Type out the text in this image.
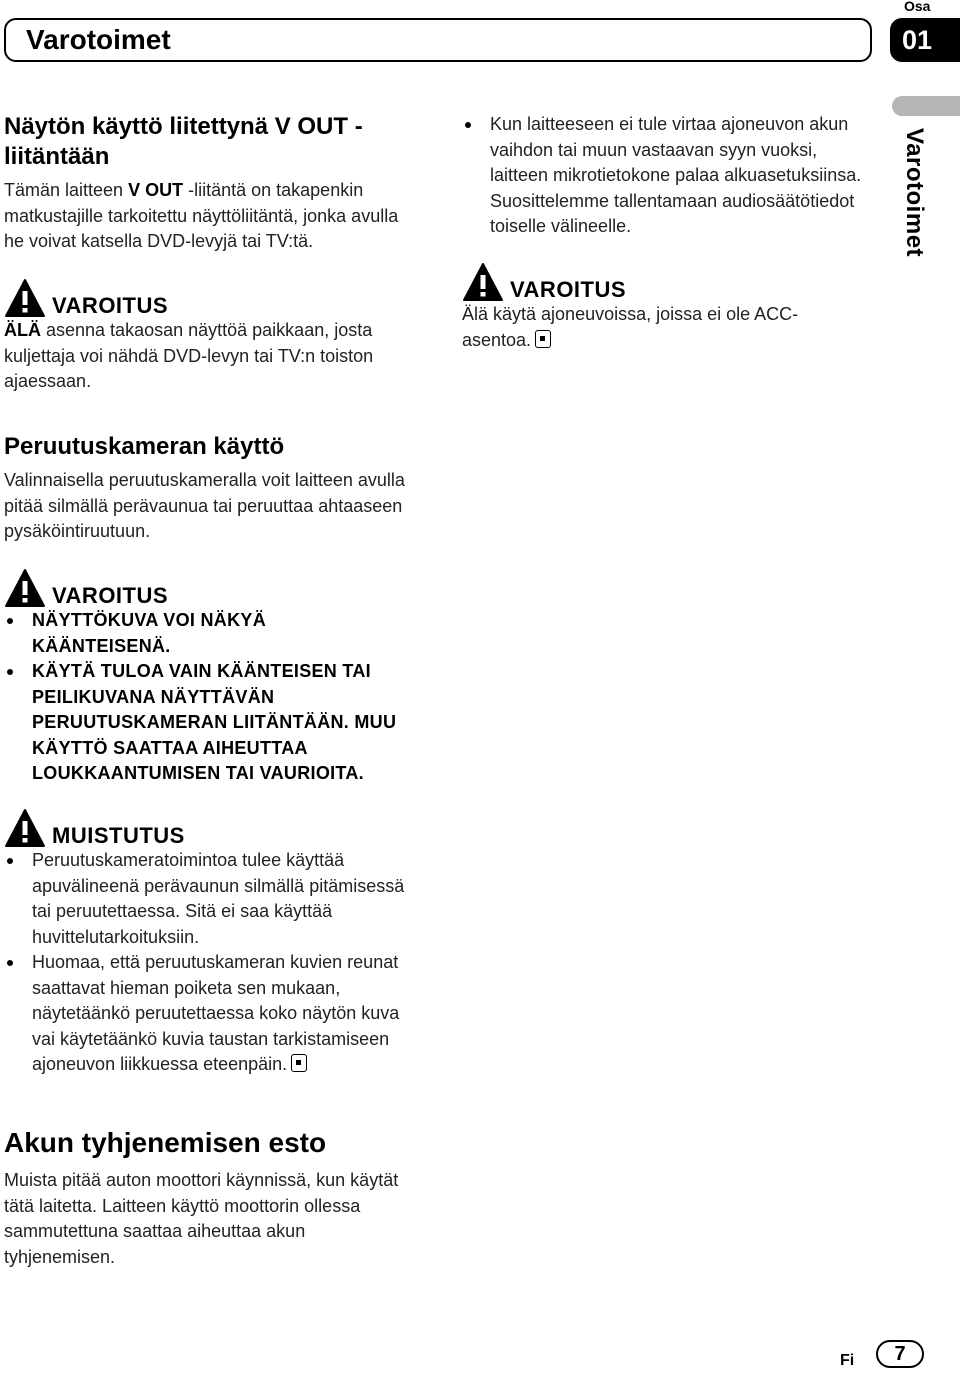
Varotoimet
Osa
01
Varotoimet
Näytön käyttö liitettynä V OUT -
liitäntään

Tämän laitteen V OUT -liitäntä on takapenkin matkustajille tarkoitettu näyttöliitäntä, jonka avulla he voivat katsella DVD-levyjä tai TV:tä.

VAROITUS

ÄLÄ asenna takaosan näyttöä paikkaan, josta kuljettaja voi nähdä DVD-levyn tai TV:n toiston ajaessaan.

Kun laitteeseen ei tule virtaa ajoneuvon akun vaihdon tai muun vastaavan syyn vuoksi, laitteen mikrotietokone palaa alkuasetuksiinsa. Suosittelemme tallentamaan audiosäätötiedot toiselle välineelle.
VAROITUS

Älä käytä ajoneuvoissa, joissa ei ole ACC-asentoa.

Peruutuskameran käyttö

Valinnaisella peruutuskameralla voit laitteen avulla pitää silmällä perävaunua tai peruuttaa ahtaaseen pysäköintiruutuun.

VAROITUS
NÄYTTÖKUVA VOI NÄKYÄ KÄÄNTEISENÄ.
KÄYTÄ TULOA VAIN KÄÄNTEISEN TAI PEILIKUVANA NÄYTTÄVÄN PERUUTUSKAMERAN LIITÄNTÄÄN. MUU KÄYTTÖ SAATTAA AIHEUTTAA LOUKKAANTUMISEN TAI VAURIOITA.
MUISTUTUS
Peruutuskameratoimintoa tulee käyttää apuvälineenä perävaunun silmällä pitämisessä tai peruutettaessa. Sitä ei saa käyttää huvittelutarkoituksiin.
Huomaa, että peruutuskameran kuvien reunat saattavat hieman poiketa sen mukaan, näytetäänkö peruutettaessa koko näytön kuva vai käytetäänkö kuvia taustan tarkistamiseen ajoneuvon liikkuessa eteenpäin.
Akun tyhjenemisen esto

Muista pitää auton moottori käynnissä, kun käytät tätä laitetta. Laitteen käyttö moottorin ollessa sammutettuna saattaa aiheuttaa akun tyhjenemisen.

Fi	7
